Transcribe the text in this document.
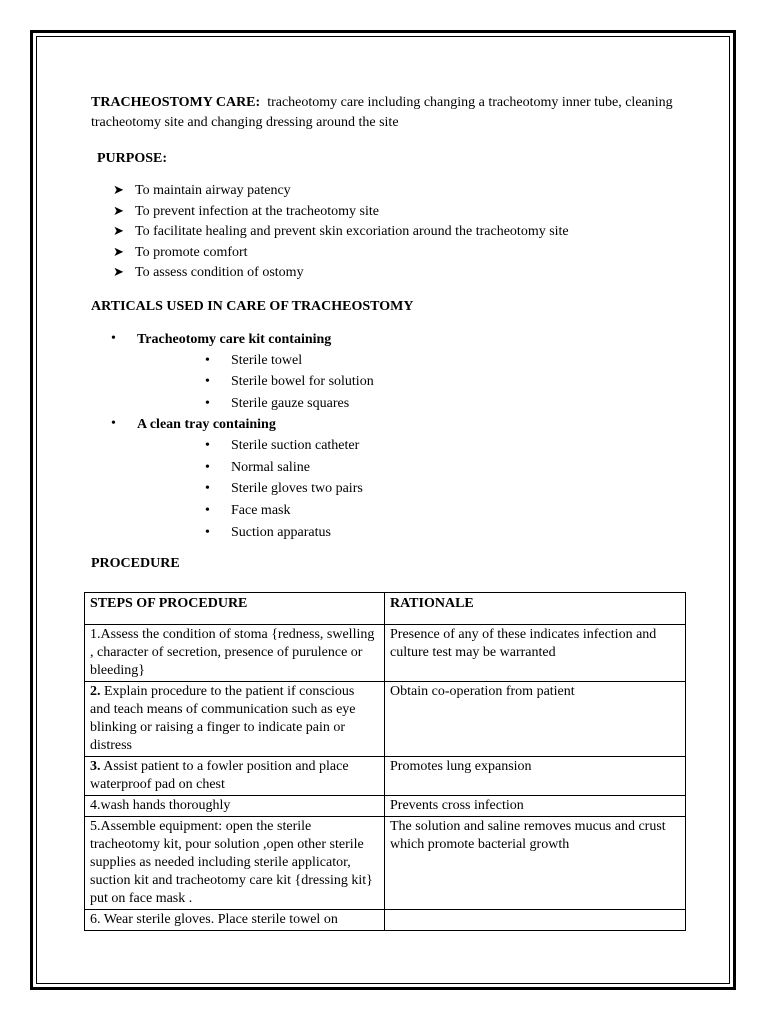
TRACHEOSTOMY CARE: tracheotomy care including changing a tracheotomy inner tube, cleaning tracheotomy site and changing dressing around the site

PURPOSE:
➤ To maintain airway patency
➤ To prevent infection at the tracheotomy site
➤ To facilitate healing and prevent skin excoriation around the tracheotomy site
➤ To promote comfort
➤ To assess condition of ostomy
ARTICALS USED IN CARE OF TRACHEOSTOMY
• Tracheotomy care kit containing
• Sterile towel
• Sterile bowel for solution
• Sterile gauze squares
• A clean tray containing
• Sterile suction catheter
• Normal saline
• Sterile gloves two pairs
• Face mask
• Suction apparatus
PROCEDURE
STEPS OF PROCEDURE	RATIONALE
1.Assess the condition of stoma {redness, swelling , character of secretion, presence of purulence or bleeding}	Presence of any of these indicates infection and culture test may be warranted
2. Explain procedure to the patient if conscious and teach means of communication such as eye blinking or raising a finger to indicate pain or distress	Obtain co-operation from patient
3. Assist patient to a fowler position and place waterproof pad on chest	Promotes lung expansion
4.wash hands thoroughly	Prevents cross infection
5.Assemble equipment: open the sterile tracheotomy kit, pour solution ,open other sterile supplies as needed including sterile applicator, suction kit and tracheotomy care kit {dressing kit} put on face mask .	The solution and saline removes mucus and crust which promote bacterial growth
6. Wear sterile gloves. Place sterile towel on	
